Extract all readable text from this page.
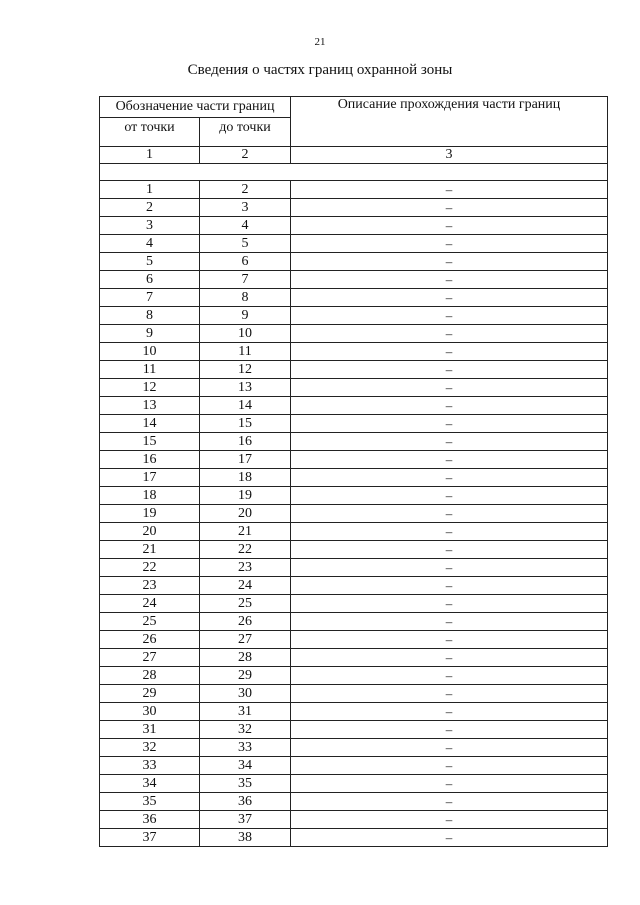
21
Сведения о частях границ охранной зоны
Обозначение части границ		Описание прохождения части границ
от точки	до точки	
1	2	3

1	2	–
2	3	–
3	4	–
4	5	–
5	6	–
6	7	–
7	8	–
8	9	–
9	10	–
10	11	–
11	12	–
12	13	–
13	14	–
14	15	–
15	16	–
16	17	–
17	18	–
18	19	–
19	20	–
20	21	–
21	22	–
22	23	–
23	24	–
24	25	–
25	26	–
26	27	–
27	28	–
28	29	–
29	30	–
30	31	–
31	32	–
32	33	–
33	34	–
34	35	–
35	36	–
36	37	–
37	38	–
